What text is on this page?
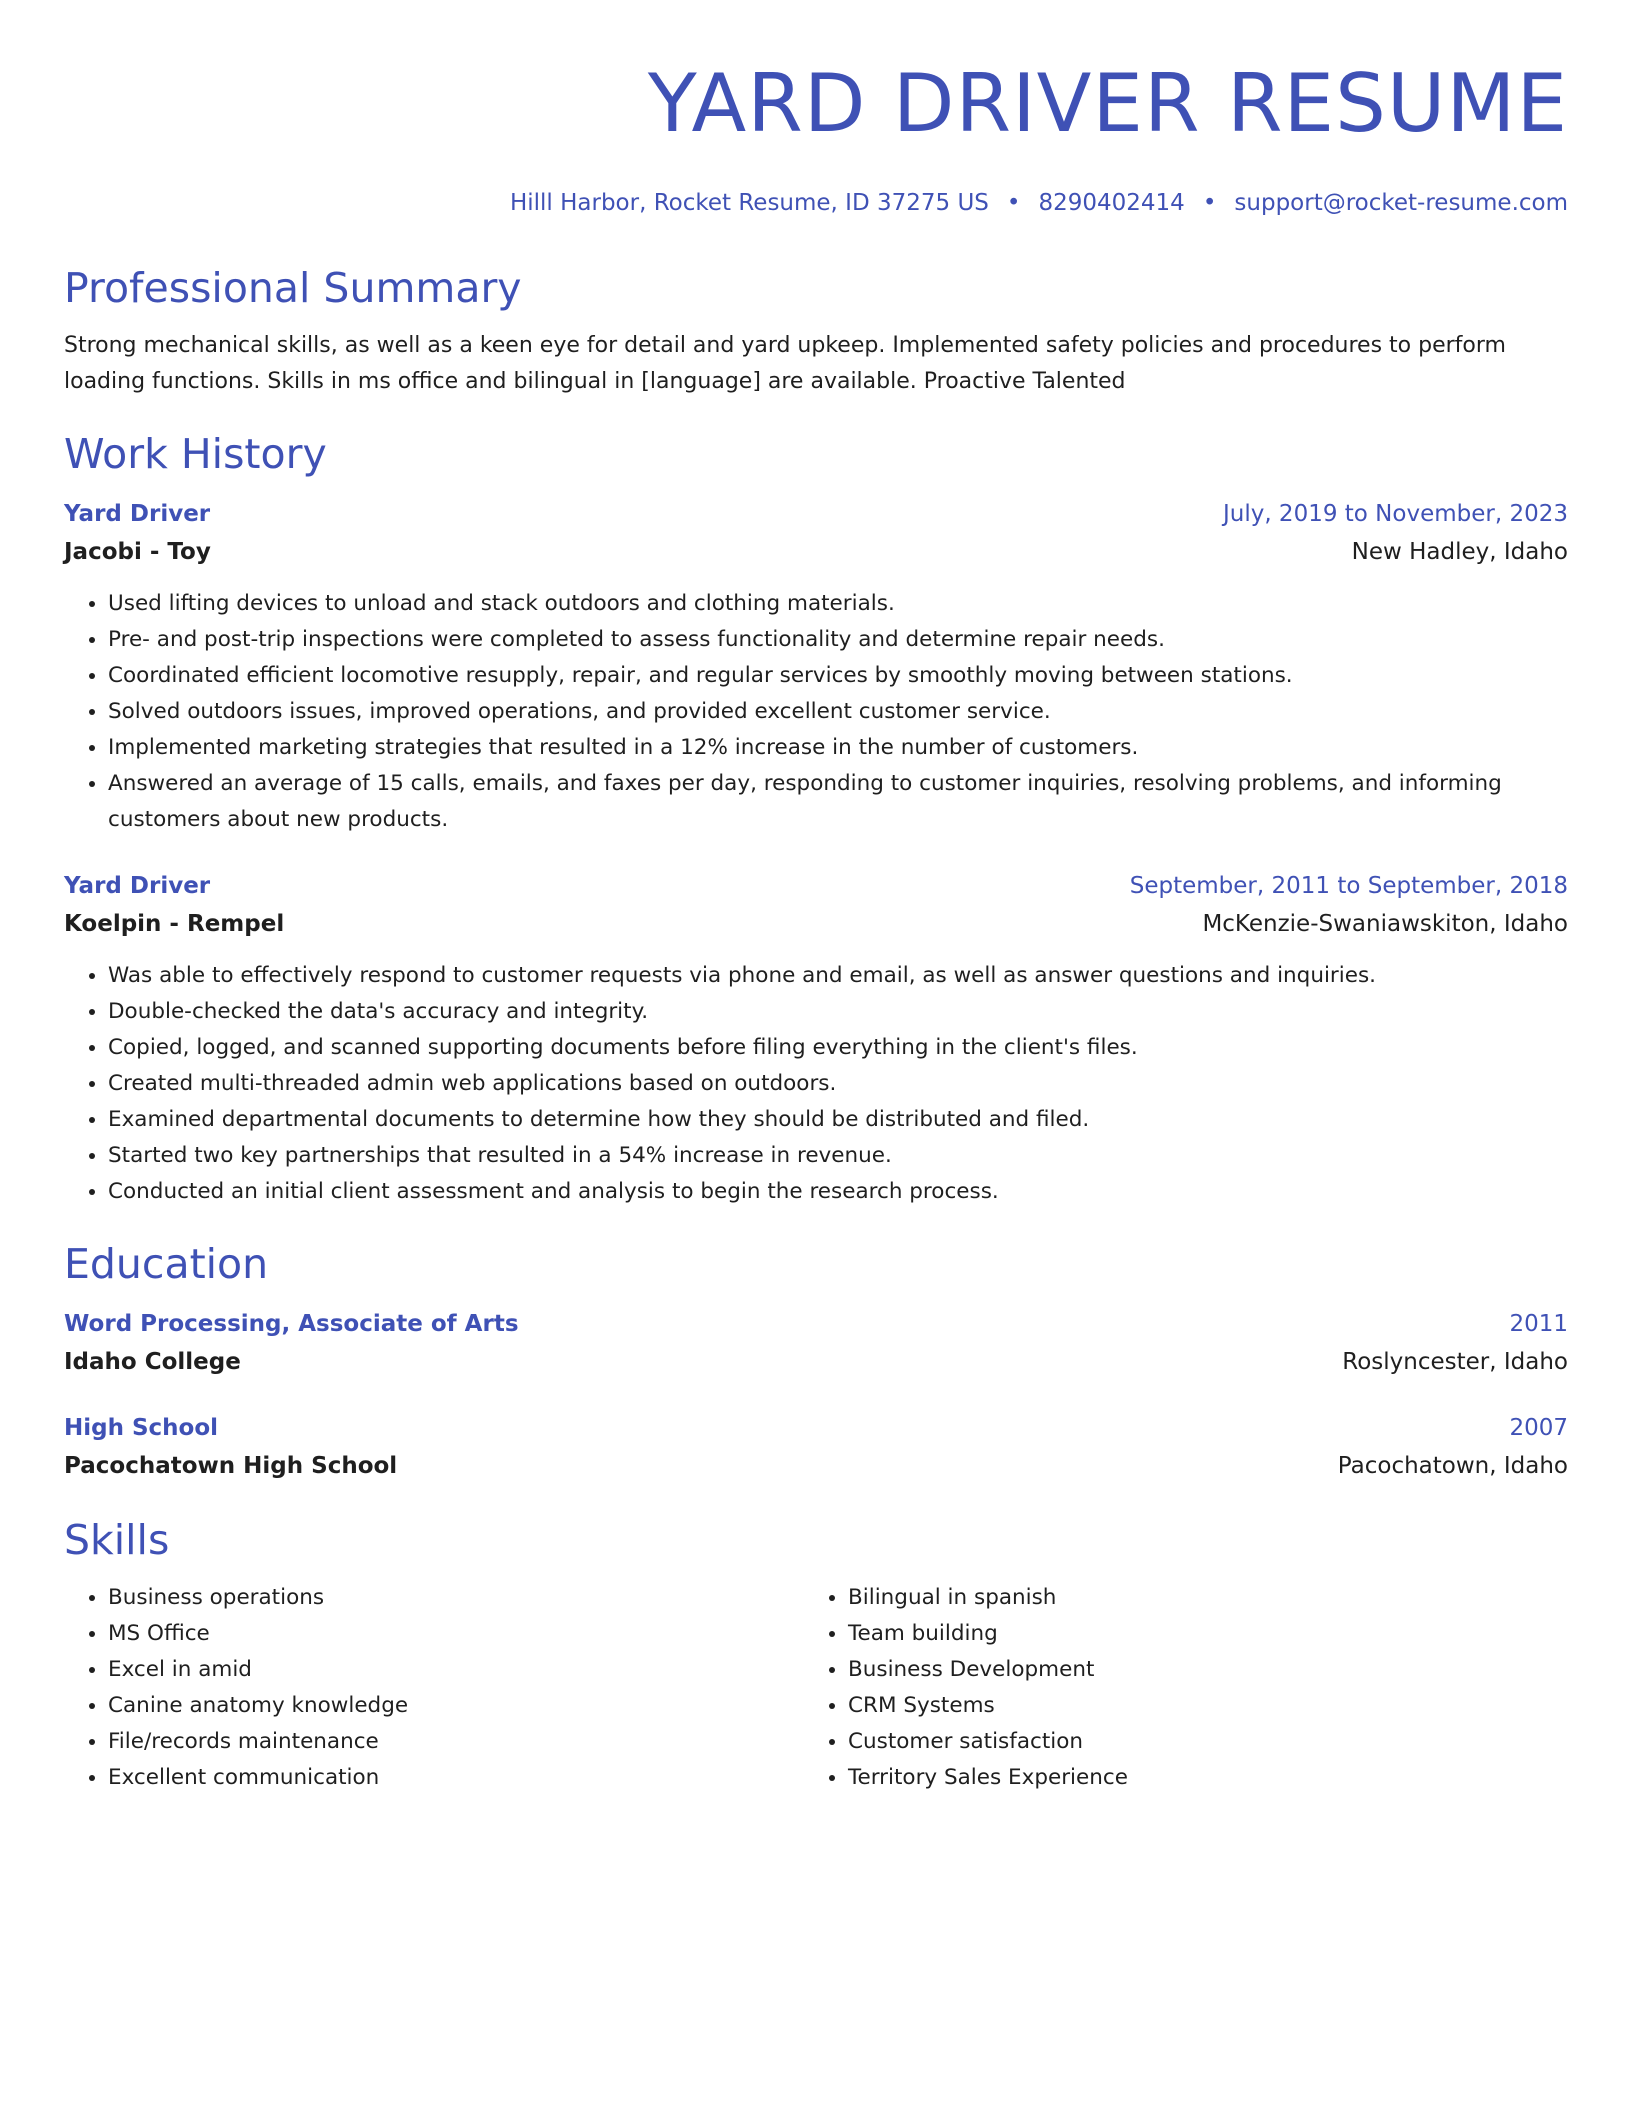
YARD DRIVER RESUME
Hilll Harbor, Rocket Resume, ID 37275 US • 8290402414 • support@rocket-resume.com
Professional Summary
Strong mechanical skills, as well as a keen eye for detail and yard upkeep. Implemented safety policies and procedures to perform loading functions. Skills in ms office and bilingual in [language] are available. Proactive Talented
Work History
Yard Driver	July, 2019 to November, 2023
Jacobi - Toy	New Hadley, Idaho
• Used lifting devices to unload and stack outdoors and clothing materials.
• Pre- and post-trip inspections were completed to assess functionality and determine repair needs.
• Coordinated efficient locomotive resupply, repair, and regular services by smoothly moving between stations.
• Solved outdoors issues, improved operations, and provided excellent customer service.
• Implemented marketing strategies that resulted in a 12% increase in the number of customers.
• Answered an average of 15 calls, emails, and faxes per day, responding to customer inquiries, resolving problems, and informing customers about new products.
Yard Driver	September, 2011 to September, 2018
Koelpin - Rempel	McKenzie-Swaniawskiton, Idaho
• Was able to effectively respond to customer requests via phone and email, as well as answer questions and inquiries.
• Double-checked the data's accuracy and integrity.
• Copied, logged, and scanned supporting documents before filing everything in the client's files.
• Created multi-threaded admin web applications based on outdoors.
• Examined departmental documents to determine how they should be distributed and filed.
• Started two key partnerships that resulted in a 54% increase in revenue.
• Conducted an initial client assessment and analysis to begin the research process.
Education
Word Processing, Associate of Arts	2011
Idaho College	Roslyncester, Idaho
High School	2007
Pacochatown High School	Pacochatown, Idaho
Skills
• Business operations
• MS Office
• Excel in amid
• Canine anatomy knowledge
• File/records maintenance
• Excellent communication
• Bilingual in spanish
• Team building
• Business Development
• CRM Systems
• Customer satisfaction
• Territory Sales Experience
